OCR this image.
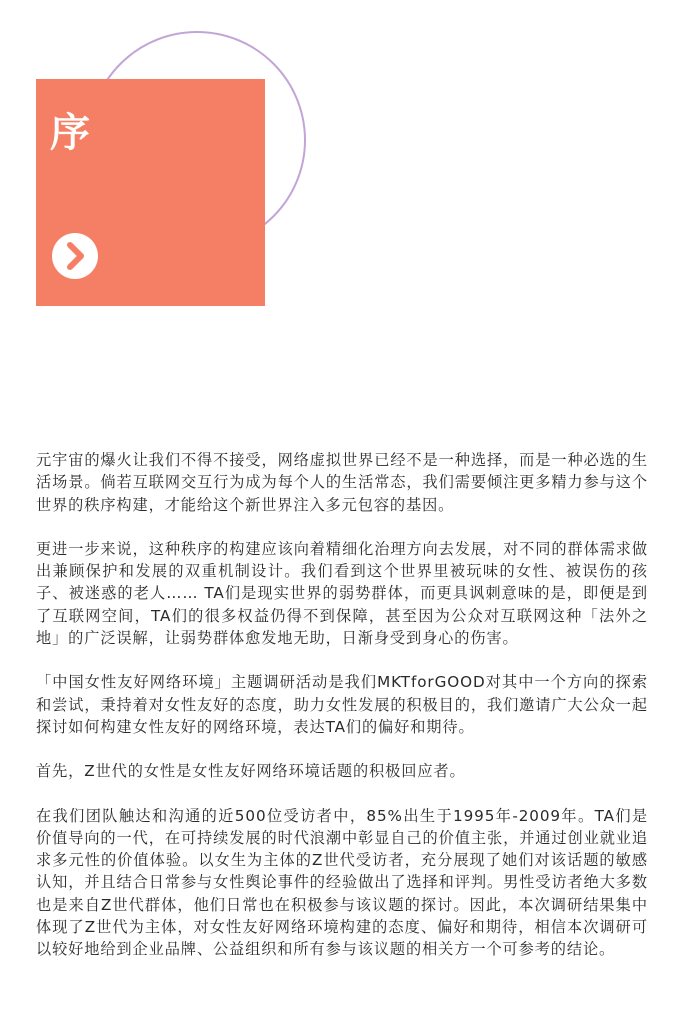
序

元宇宙的爆火让我们不得不接受，网络虚拟世界已经不是一种选择，而是一种必选的生活场景。倘若互联网交互行为成为每个人的生活常态，我们需要倾注更多精力参与这个世界的秩序构建，才能给这个新世界注入多元包容的基因。

更进一步来说，这种秩序的构建应该向着精细化治理方向去发展，对不同的群体需求做出兼顾保护和发展的双重机制设计。我们看到这个世界里被玩味的女性、被误伤的孩子、被迷惑的老人…… TA们是现实世界的弱势群体，而更具讽刺意味的是，即便是到了互联网空间，TA们的很多权益仍得不到保障，甚至因为公众对互联网这种「法外之地」的广泛误解，让弱势群体愈发地无助，日渐身受到身心的伤害。

「中国女性友好网络环境」主题调研活动是我们MKTforGOOD对其中一个方向的探索和尝试，秉持着对女性友好的态度，助力女性发展的积极目的，我们邀请广大公众一起探讨如何构建女性友好的网络环境，表达TA们的偏好和期待。

首先，Z世代的女性是女性友好网络环境话题的积极回应者。

在我们团队触达和沟通的近500位受访者中，85%出生于1995年-2009年。TA们是价值导向的一代，在可持续发展的时代浪潮中彰显自己的价值主张，并通过创业就业追求多元性的价值体验。以女生为主体的Z世代受访者，充分展现了她们对该话题的敏感认知，并且结合日常参与女性舆论事件的经验做出了选择和评判。男性受访者绝大多数也是来自Z世代群体，他们日常也在积极参与该议题的探讨。因此，本次调研结果集中体现了Z世代为主体，对女性友好网络环境构建的态度、偏好和期待，相信本次调研可以较好地给到企业品牌、公益组织和所有参与该议题的相关方一个可参考的结论。
